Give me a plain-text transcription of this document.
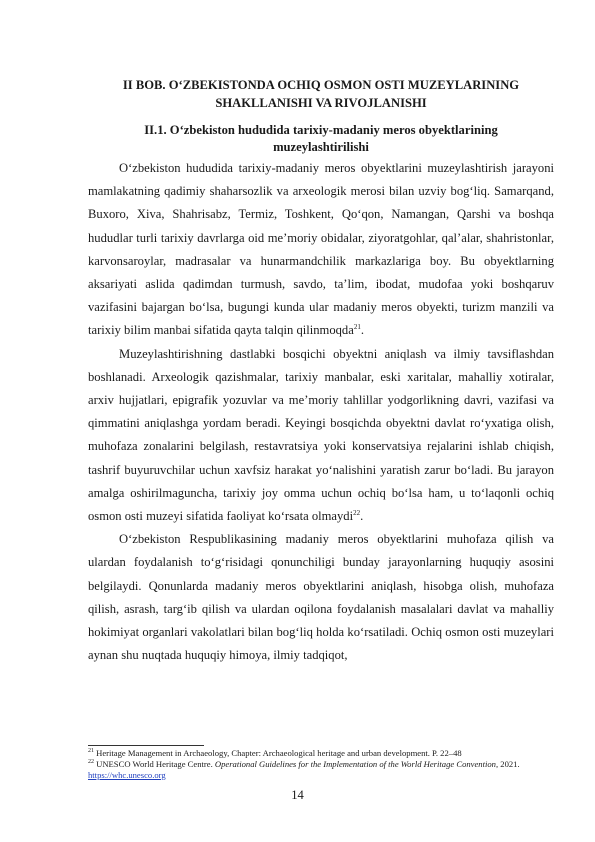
II BOB. O‘ZBEKISTONDA OCHIQ OSMON OSTI MUZEYLARINING SHAKLLANISHI VA RIVOJLANISHI
II.1. O‘zbekiston hududida tarixiy-madaniy meros obyektlarining muzeylashtirilishi

O‘zbekiston hududida tarixiy-madaniy meros obyektlarini muzeylashtirish jarayoni mamlakatning qadimiy shaharsozlik va arxeologik merosi bilan uzviy bog‘liq. Samarqand, Buxoro, Xiva, Shahrisabz, Termiz, Toshkent, Qo‘qon, Namangan, Qarshi va boshqa hududlar turli tarixiy davrlarga oid me’moriy obidalar, ziyoratgohlar, qal’alar, shahristonlar, karvonsaroylar, madrasalar va hunarmandchilik markazlariga boy. Bu obyektlarning aksariyati aslida qadimdan turmush, savdo, ta’lim, ibodat, mudofaa yoki boshqaruv vazifasini bajargan bo‘lsa, bugungi kunda ular madaniy meros obyekti, turizm manzili va tarixiy bilim manbai sifatida qayta talqin qilinmoqda$^{21}$.

Muzeylashtirishning dastlabki bosqichi obyektni aniqlash va ilmiy tavsiflashdan boshlanadi. Arxeologik qazishmalar, tarixiy manbalar, eski xaritalar, mahalliy xotiralar, arxiv hujjatlari, epigrafik yozuvlar va me’moriy tahlillar yodgorlikning davri, vazifasi va qimmatini aniqlashga yordam beradi. Keyingi bosqichda obyektni davlat ro‘yxatiga olish, muhofaza zonalarini belgilash, restavratsiya yoki konservatsiya rejalarini ishlab chiqish, tashrif buyuruvchilar uchun xavfsiz harakat yo‘nalishini yaratish zarur bo‘ladi. Bu jarayon amalga oshirilmaguncha, tarixiy joy omma uchun ochiq bo‘lsa ham, u to‘laqonli ochiq osmon osti muzeyi sifatida faoliyat ko‘rsata olmaydi$^{22}$.

O‘zbekiston Respublikasining madaniy meros obyektlarini muhofaza qilish va ulardan foydalanish to‘g‘risidagi qonunchiligi bunday jarayonlarning huquqiy asosini belgilaydi. Qonunlarda madaniy meros obyektlarini aniqlash, hisobga olish, muhofaza qilish, asrash, targ‘ib qilish va ulardan oqilona foydalanish masalalari davlat va mahalliy hokimiyat organlari vakolatlari bilan bog‘liq holda ko‘rsatiladi. Ochiq osmon osti muzeylari aynan shu nuqtada huquqiy himoya, ilmiy tadqiqot,

$^{21}$ Heritage Management in Archaeology, Chapter: Archaeological heritage and urban development. P. 22–48
$^{22}$ UNESCO World Heritage Centre. Operational Guidelines for the Implementation of the World Heritage Convention, 2021. https://whc.unesco.org
14
